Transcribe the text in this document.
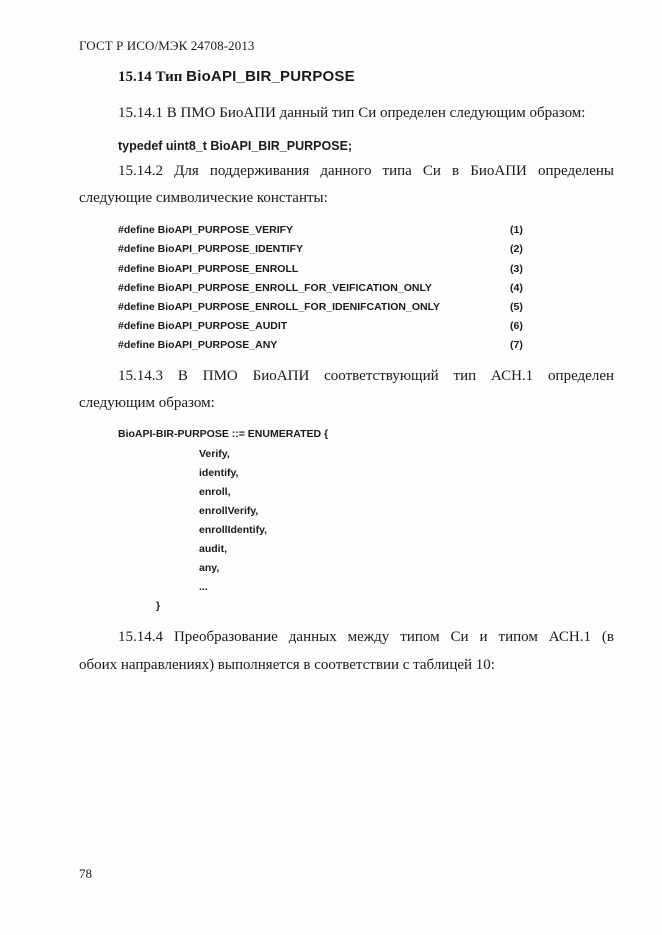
ГОСТ Р ИСО/МЭК 24708-2013
15.14 Тип BioAPI_BIR_PURPOSE
15.14.1 В ПМО БиоАПИ данный тип Си определен следующим образом:
typedef uint8_t BioAPI_BIR_PURPOSE;
15.14.2 Для поддерживания данного типа Си в БиоАПИ определены
следующие символические константы:
#define BioAPI_PURPOSE_VERIFY	(1)
#define BioAPI_PURPOSE_IDENTIFY	(2)
#define BioAPI_PURPOSE_ENROLL	(3)
#define BioAPI_PURPOSE_ENROLL_FOR_VEIFICATION_ONLY	(4)
#define BioAPI_PURPOSE_ENROLL_FOR_IDENIFCATION_ONLY	(5)
#define BioAPI_PURPOSE_AUDIT	(6)
#define BioAPI_PURPOSE_ANY	(7)
15.14.3 В ПМО БиоАПИ соответствующий тип АСН.1 определен
следующим образом:
BioAPI-BIR-PURPOSE ::= ENUMERATED {
Verify,
identify,
enroll,
enrollVerify,
enrollIdentify,
audit,
any,
...
}
15.14.4 Преобразование данных между типом Си и типом АСН.1 (в
обоих направлениях) выполняется в соответствии с таблицей 10:
78
